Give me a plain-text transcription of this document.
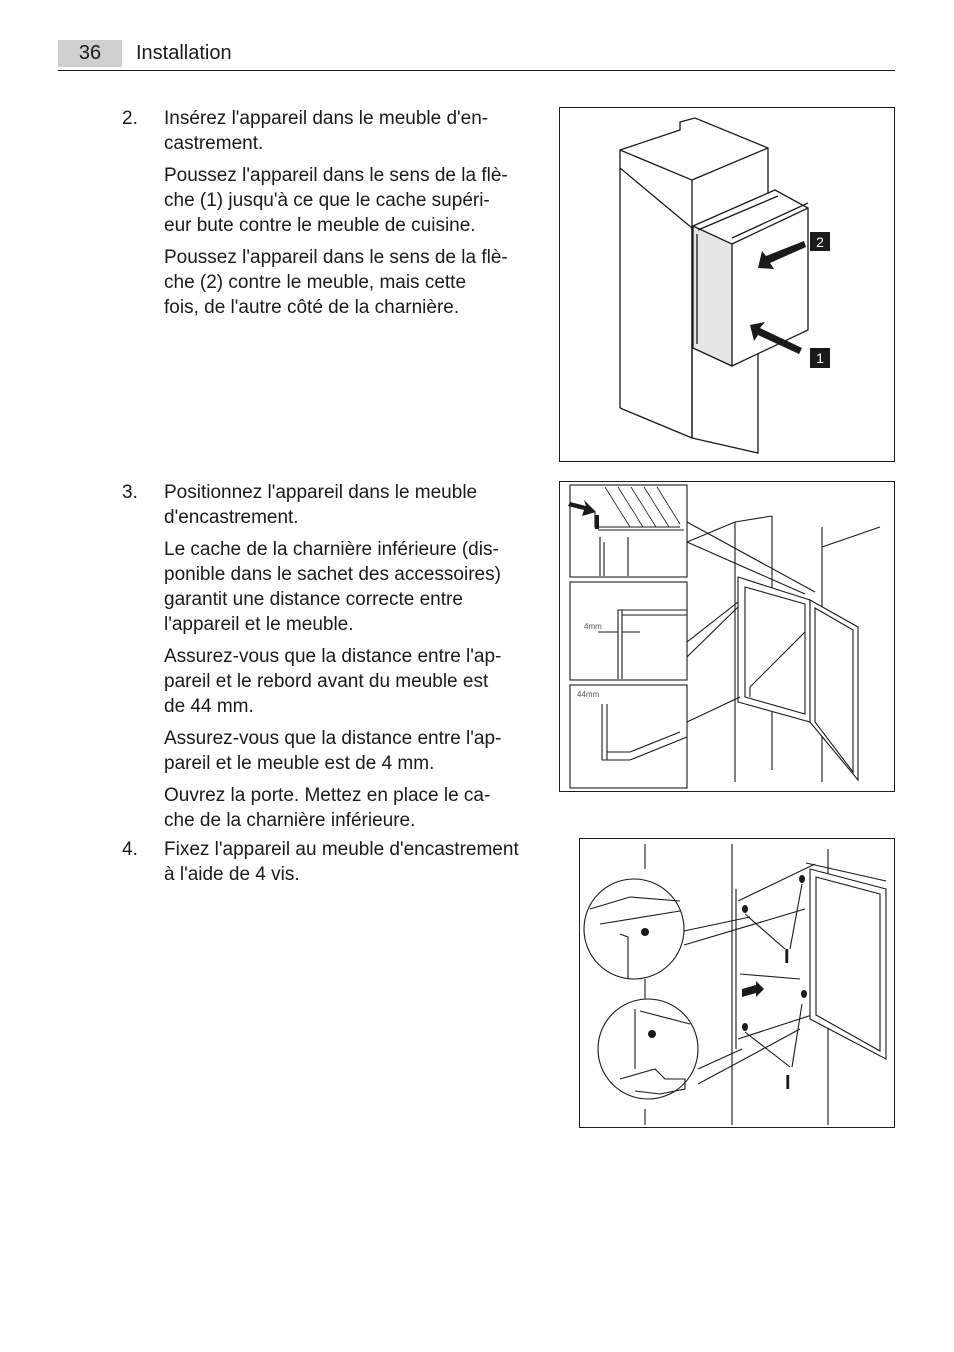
36	Installation
2. Insérez l'appareil dans le meuble d'en-
castrement.

Poussez l'appareil dans le sens de la flè-
che (1) jusqu'à ce que le cache supéri-
eur bute contre le meuble de cuisine.

Poussez l'appareil dans le sens de la flè-
che (2) contre le meuble, mais cette
fois, de l'autre côté de la charnière.

3. Positionnez l'appareil dans le meuble
d'encastrement.

Le cache de la charnière inférieure (dis-
ponible dans le sachet des accessoires)
garantit une distance correcte entre
l'appareil et le meuble.

Assurez-vous que la distance entre l'ap-
pareil et le rebord avant du meuble est
de 44 mm.

Assurez-vous que la distance entre l'ap-
pareil et le meuble est de 4 mm.

Ouvrez la porte. Mettez en place le ca-
che de la charnière inférieure.

4. Fixez l'appareil au meuble d'encastrement
à l'aide de 4 vis.

2
1
4mm
44mm
I
I
